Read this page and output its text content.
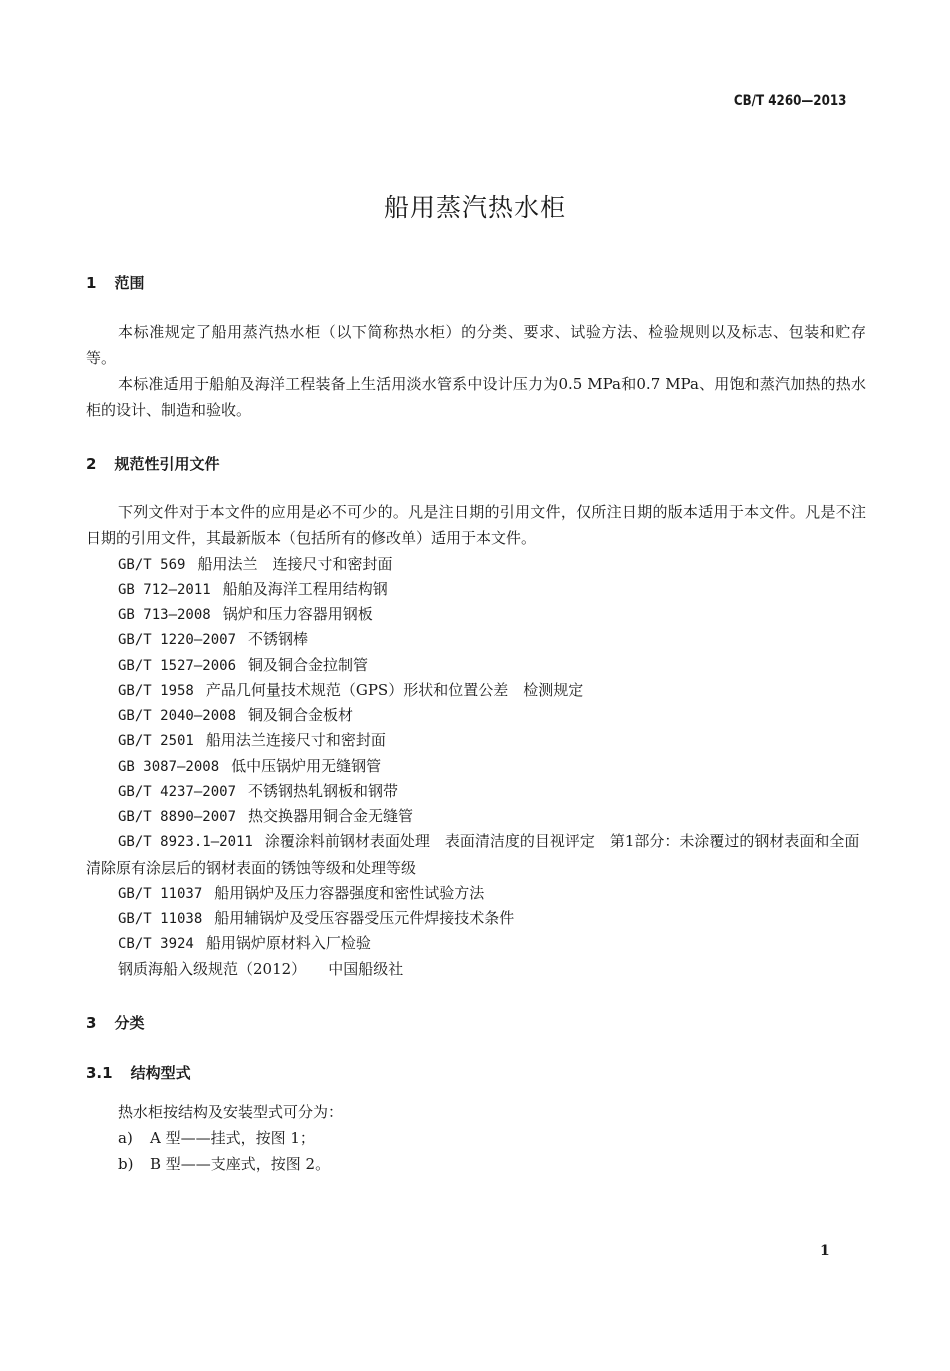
CB/T 4260—2013
船用蒸汽热水柜
1 范围
本标准规定了船用蒸汽热水柜（以下简称热水柜）的分类、要求、试验方法、检验规则以及标志、包装和贮存等。
本标准适用于船舶及海洋工程装备上生活用淡水管系中设计压力为0.5 MPa和0.7 MPa、用饱和蒸汽加热的热水柜的设计、制造和验收。
2 规范性引用文件
下列文件对于本文件的应用是必不可少的。凡是注日期的引用文件，仅所注日期的版本适用于本文件。凡是不注日期的引用文件，其最新版本（包括所有的修改单）适用于本文件。
GB/T 569 船用法兰　连接尺寸和密封面
GB 712—2011 船舶及海洋工程用结构钢
GB 713—2008 锅炉和压力容器用钢板
GB/T 1220—2007 不锈钢棒
GB/T 1527—2006 铜及铜合金拉制管
GB/T 1958 产品几何量技术规范（GPS）形状和位置公差　检测规定
GB/T 2040—2008 铜及铜合金板材
GB/T 2501 船用法兰连接尺寸和密封面
GB 3087—2008 低中压锅炉用无缝钢管
GB/T 4237—2007 不锈钢热轧钢板和钢带
GB/T 8890—2007 热交换器用铜合金无缝管
GB/T 8923.1—2011 涂覆涂料前钢材表面处理　表面清洁度的目视评定　第1部分：未涂覆过的钢材表面和全面清除原有涂层后的钢材表面的锈蚀等级和处理等级
GB/T 11037 船用锅炉及压力容器强度和密性试验方法
GB/T 11038 船用辅锅炉及受压容器受压元件焊接技术条件
CB/T 3924 船用锅炉原材料入厂检验
钢质海船入级规范（2012） 中国船级社
3 分类
3.1 结构型式
热水柜按结构及安装型式可分为：
a) A 型——挂式，按图 1；
b) B 型——支座式，按图 2。
1
